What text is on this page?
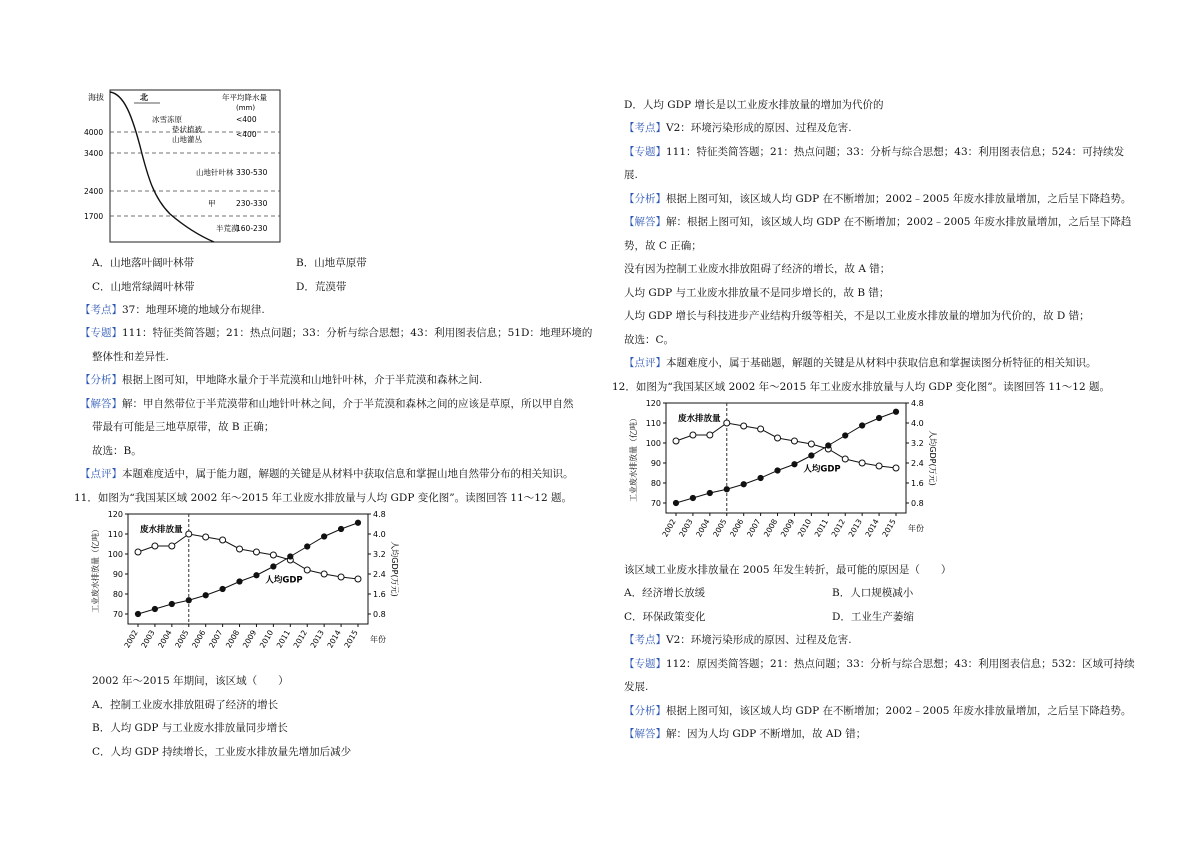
海拔	北	年平均降水量
(mm)
4000
3400
2400
1700
冰雪冻原	<400
垫状植被
山地灌丛
<400
山地针叶林 330-530
甲	230-330
半荒漠
160-230
A．山地落叶阔叶林带	B．山地草原带
C．山地常绿阔叶林带	D．荒漠带
【考点】37：地理环境的地域分布规律.
【专题】111：特征类简答题；21：热点问题；33：分析与综合思想；43：利用图表信息；51D：地理环境的
整体性和差异性.
【分析】根据上图可知，甲地降水量介于半荒漠和山地针叶林，介于半荒漠和森林之间.
【解答】解：甲自然带位于半荒漠带和山地针叶林之间，介于半荒漠和森林之间的应该是草原，所以甲自然
带最有可能是三地草原带，故 B 正确；
故选：B。
【点评】本题难度适中，属于能力题，解题的关键是从材料中获取信息和掌握山地自然带分布的相关知识。
11．如图为“我国某区域 2002 年～2015 年工业废水排放量与人均 GDP 变化图”。读图回答 11～12 题。
70
80
90
100
110
120
0.8
1.6
2.4
3.2
4.0
4.8
2002 2003 2004 2005 2006 2007 2008 2009 2010 2011 2012 2013 2014 2015 年份
工业废水排放量（亿吨）	人均GDP(万元)
废水排放量
人均GDP
2002 年～2015 年期间，该区域（　　）
A．控制工业废水排放阻碍了经济的增长
B．人均 GDP 与工业废水排放量同步增长
C．人均 GDP 持续增长，工业废水排放量先增加后减少
D．人均 GDP 增长是以工业废水排放量的增加为代价的
【考点】V2：环境污染形成的原因、过程及危害.
【专题】111：特征类简答题；21：热点问题；33：分析与综合思想；43：利用图表信息；524：可持续发
展.
【分析】根据上图可知，该区域人均 GDP 在不断增加；2002﹣2005 年废水排放量增加，之后呈下降趋势。
【解答】解：根据上图可知，该区域人均 GDP 在不断增加；2002﹣2005 年废水排放量增加，之后呈下降趋
势，故 C 正确；
没有因为控制工业废水排放阻碍了经济的增长，故 A 错；
人均 GDP 与工业废水排放量不是同步增长的，故 B 错；
人均 GDP 增长与科技进步产业结构升级等相关，不是以工业废水排放量的增加为代价的，故 D 错；
故选：C。
【点评】本题难度小，属于基础题，解题的关键是从材料中获取信息和掌握读图分析特征的相关知识。
12．如图为“我国某区域 2002 年～2015 年工业废水排放量与人均 GDP 变化图”。读图回答 11～12 题。
70
80
90
100
110
120
0.8
1.6
2.4
3.2
4.0
4.8
2002 2003 2004 2005 2006 2007 2008 2009 2010 2011 2012 2013 2014 2015 年份
工业废水排放量（亿吨）	人均GDP(万元)
废水排放量
人均GDP
该区域工业废水排放量在 2005 年发生转折，最可能的原因是（　　）
A．经济增长放缓	B．人口规模减小
C．环保政策变化	D．工业生产萎缩
【考点】V2：环境污染形成的原因、过程及危害.
【专题】112：原因类简答题；21：热点问题；33：分析与综合思想；43：利用图表信息；532：区域可持续
发展.
【分析】根据上图可知，该区域人均 GDP 在不断增加；2002﹣2005 年废水排放量增加，之后呈下降趋势。
【解答】解：因为人均 GDP 不断增加，故 AD 错；
